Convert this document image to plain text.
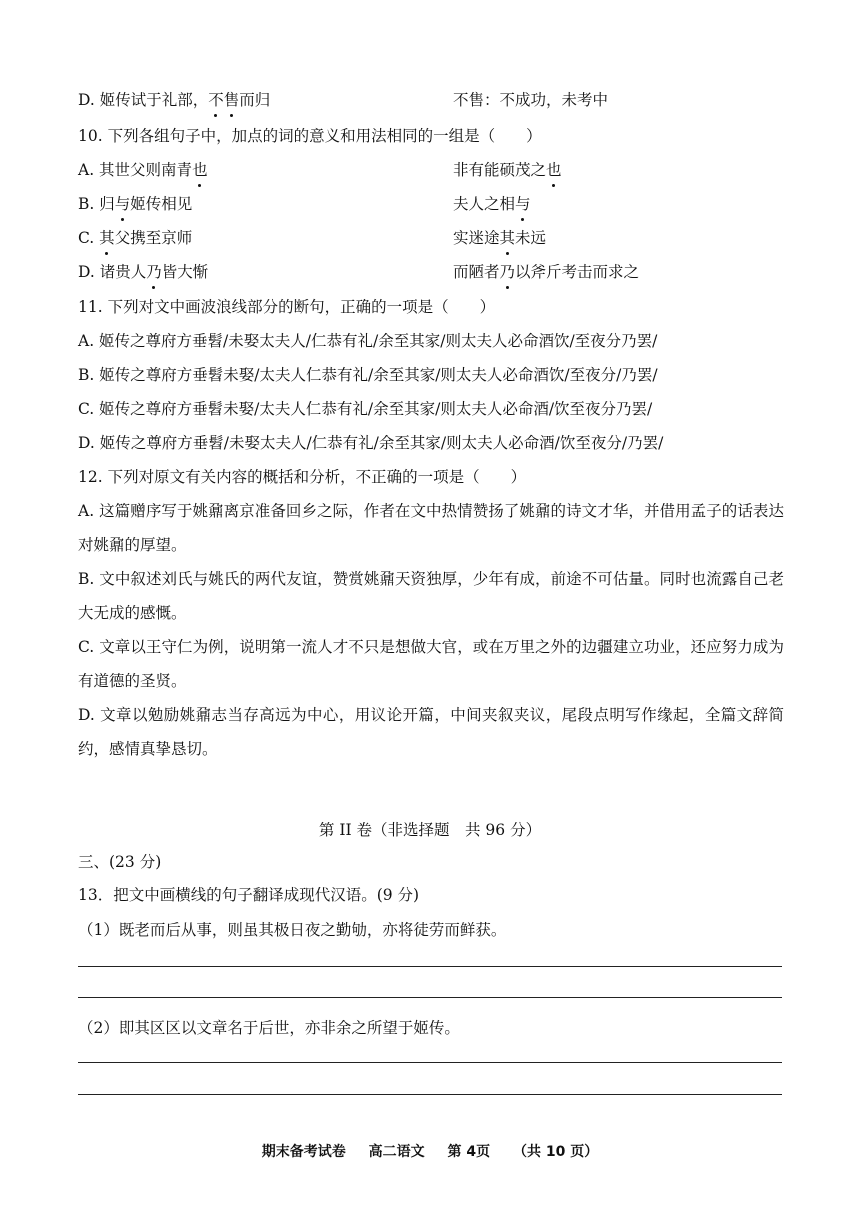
D. 姬传试于礼部，不售而归	不售：不成功，未考中
10. 下列各组句子中，加点的词的意义和用法相同的一组是（　　）
A. 其世父则南青也	非有能硕茂之也
B. 归与姬传相见	夫人之相与
C. 其父携至京师	实迷途其未远
D. 诸贵人乃皆大惭	而陋者乃以斧斤考击而求之
11. 下列对文中画波浪线部分的断句，正确的一项是（　　）
A. 姬传之尊府方垂髫/未娶太夫人/仁恭有礼/余至其家/则太夫人必命酒饮/至夜分乃罢/
B. 姬传之尊府方垂髫未娶/太夫人仁恭有礼/余至其家/则太夫人必命酒饮/至夜分/乃罢/
C. 姬传之尊府方垂髫未娶/太夫人仁恭有礼/余至其家/则太夫人必命酒/饮至夜分乃罢/
D. 姬传之尊府方垂髫/未娶太夫人/仁恭有礼/余至其家/则太夫人必命酒/饮至夜分/乃罢/
12. 下列对原文有关内容的概括和分析，不正确的一项是（　　）
A. 这篇赠序写于姚鼐离京准备回乡之际，作者在文中热情赞扬了姚鼐的诗文才华，并借用孟子的话表达对姚鼐的厚望。
B. 文中叙述刘氏与姚氏的两代友谊，赞赏姚鼐天资独厚，少年有成，前途不可估量。同时也流露自己老大无成的感慨。
C. 文章以王守仁为例，说明第一流人才不只是想做大官，或在万里之外的边疆建立功业，还应努力成为有道德的圣贤。
D. 文章以勉励姚鼐志当存高远为中心，用议论开篇，中间夹叙夹议，尾段点明写作缘起，全篇文辞简约，感情真挚恳切。
第 II 卷（非选择题　共 96 分）
三、(23 分)
13．把文中画横线的句子翻译成现代汉语。(9 分)
（1）既老而后从事，则虽其极日夜之勤劬，亦将徒劳而鲜获。
（2）即其区区以文章名于后世，亦非余之所望于姬传。
期末备考试卷 高二语文 第 4页 （共 10 页）
